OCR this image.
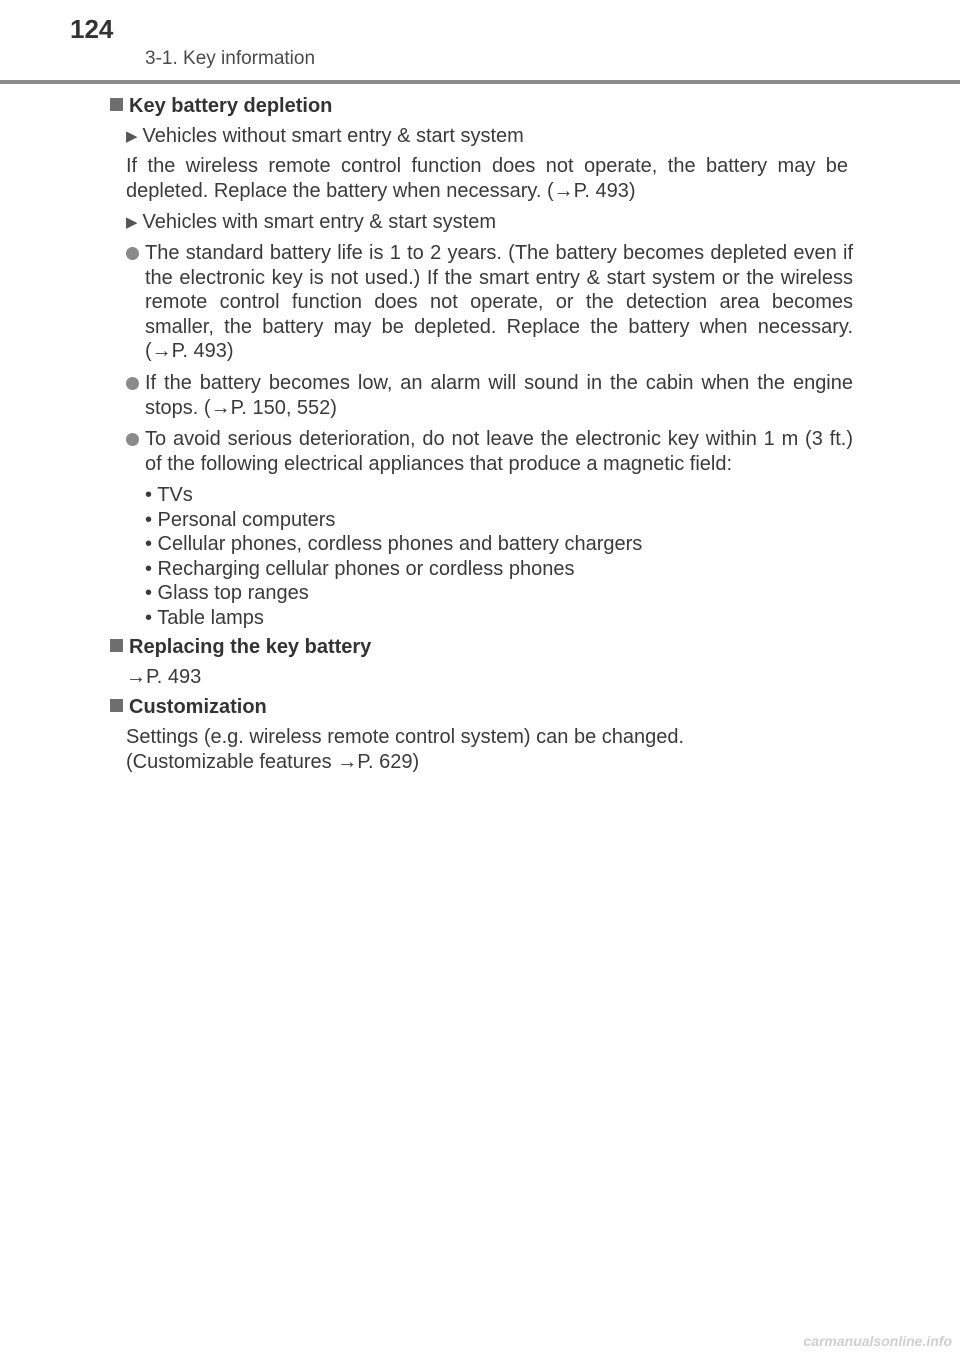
124
3-1. Key information
Key battery depletion
▶ Vehicles without smart entry & start system
If the wireless remote control function does not operate, the battery may be depleted. Replace the battery when necessary. (→P. 493)
▶ Vehicles with smart entry & start system
The standard battery life is 1 to 2 years. (The battery becomes depleted even if the electronic key is not used.) If the smart entry & start system or the wireless remote control function does not operate, or the detection area becomes smaller, the battery may be depleted. Replace the battery when necessary. (→P. 493)
If the battery becomes low, an alarm will sound in the cabin when the engine stops. (→P. 150, 552)
To avoid serious deterioration, do not leave the electronic key within 1 m (3 ft.) of the following electrical appliances that produce a magnetic field:
• TVs
• Personal computers
• Cellular phones, cordless phones and battery chargers
• Recharging cellular phones or cordless phones
• Glass top ranges
• Table lamps
Replacing the key battery
→P. 493
Customization
Settings (e.g. wireless remote control system) can be changed.
(Customizable features →P. 629)
carmanualsonline.info
